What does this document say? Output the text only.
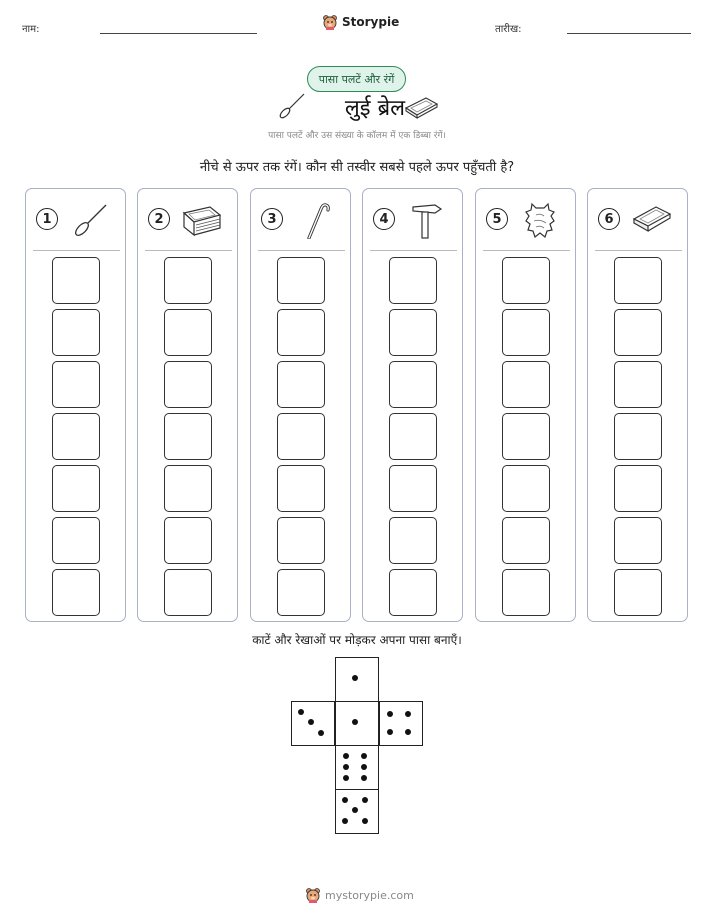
नाम:
Storypie
तारीख:
पासा पलटें और रंगें
लुई ब्रेल
पासा पलटें और उस संख्या के कॉलम में एक डिब्बा रंगें।
नीचे से ऊपर तक रंगें। कौन सी तस्वीर सबसे पहले ऊपर पहुँचती है?
1	2	3	4	5	6
काटें और रेखाओं पर मोड़कर अपना पासा बनाएँ।
mystorypie.com
